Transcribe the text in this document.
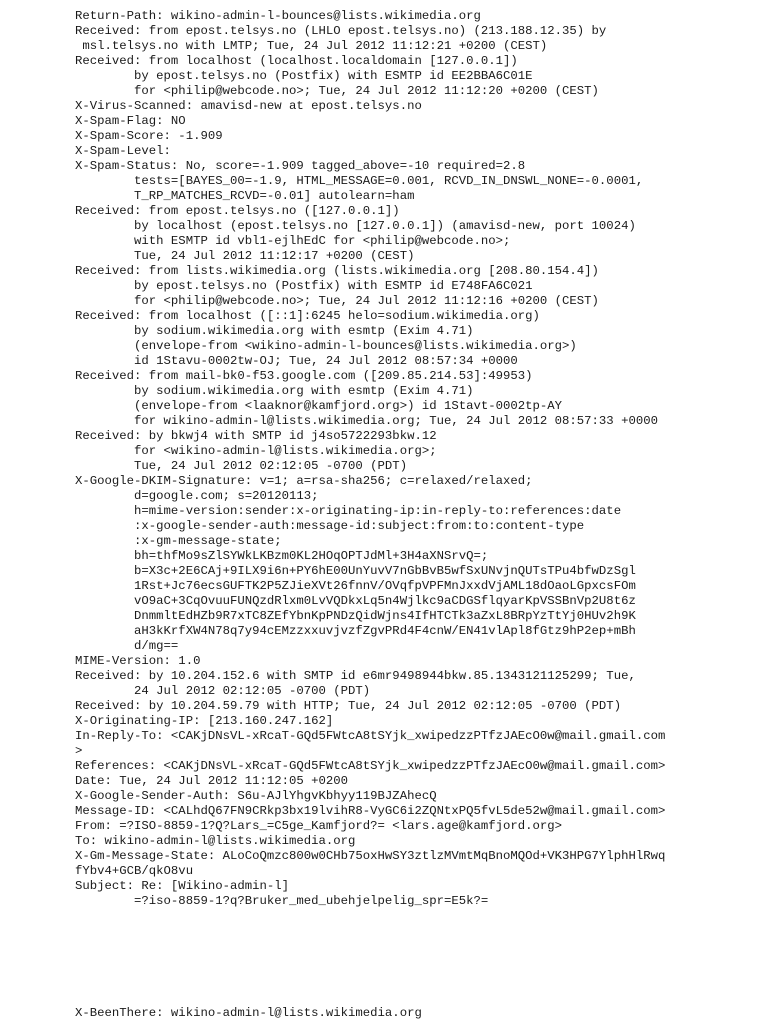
Return-Path: wikino-admin-l-bounces@lists.wikimedia.org
Received: from epost.telsys.no (LHLO epost.telsys.no) (213.188.12.35) by
msl.telsys.no with LMTP; Tue, 24 Jul 2012 11:12:21 +0200 (CEST)
Received: from localhost (localhost.localdomain [127.0.0.1])
by epost.telsys.no (Postfix) with ESMTP id EE2BBA6C01E
for <philip@webcode.no>; Tue, 24 Jul 2012 11:12:20 +0200 (CEST)
X-Virus-Scanned: amavisd-new at epost.telsys.no
X-Spam-Flag: NO
X-Spam-Score: -1.909
X-Spam-Level:
X-Spam-Status: No, score=-1.909 tagged_above=-10 required=2.8
tests=[BAYES_00=-1.9, HTML_MESSAGE=0.001, RCVD_IN_DNSWL_NONE=-0.0001,
T_RP_MATCHES_RCVD=-0.01] autolearn=ham
Received: from epost.telsys.no ([127.0.0.1])
by localhost (epost.telsys.no [127.0.0.1]) (amavisd-new, port 10024)
with ESMTP id vbl1-ejlhEdC for <philip@webcode.no>;
Tue, 24 Jul 2012 11:12:17 +0200 (CEST)
Received: from lists.wikimedia.org (lists.wikimedia.org [208.80.154.4])
by epost.telsys.no (Postfix) with ESMTP id E748FA6C021
for <philip@webcode.no>; Tue, 24 Jul 2012 11:12:16 +0200 (CEST)
Received: from localhost ([::1]:6245 helo=sodium.wikimedia.org)
by sodium.wikimedia.org with esmtp (Exim 4.71)
(envelope-from <wikino-admin-l-bounces@lists.wikimedia.org>)
id 1Stavu-0002tw-OJ; Tue, 24 Jul 2012 08:57:34 +0000
Received: from mail-bk0-f53.google.com ([209.85.214.53]:49953)
by sodium.wikimedia.org with esmtp (Exim 4.71)
(envelope-from <laaknor@kamfjord.org>) id 1Stavt-0002tp-AY
for wikino-admin-l@lists.wikimedia.org; Tue, 24 Jul 2012 08:57:33 +0000
Received: by bkwj4 with SMTP id j4so5722293bkw.12
for <wikino-admin-l@lists.wikimedia.org>;
Tue, 24 Jul 2012 02:12:05 -0700 (PDT)
X-Google-DKIM-Signature: v=1; a=rsa-sha256; c=relaxed/relaxed;
d=google.com; s=20120113;
h=mime-version:sender:x-originating-ip:in-reply-to:references:date
:x-google-sender-auth:message-id:subject:from:to:content-type
:x-gm-message-state;
bh=thfMo9sZlSYWkLKBzm0KL2HOqOPTJdMl+3H4aXNSrvQ=;
b=X3c+2E6CAj+9ILX9i6n+PY6hE00UnYuvV7nGbBvB5wfSxUNvjnQUTsTPu4bfwDzSgl
1Rst+Jc76ecsGUFTK2P5ZJieXVt26fnnV/OVqfpVPFMnJxxdVjAML18dOaoLGpxcsFOm
vO9aC+3CqOvuuFUNQzdRlxm0LvVQDkxLq5n4Wjlkc9aCDGSflqyarKpVSSBnVp2U8t6z
DnmmltEdHZb9R7xTC8ZEfYbnKpPNDzQidWjns4IfHTCTk3aZxL8BRpYzTtYj0HUv2h9K
aH3kKrfXW4N78q7y94cEMzzxxuvjvzfZgvPRd4F4cnW/EN41vlApl8fGtz9hP2ep+mBh
d/mg==
MIME-Version: 1.0
Received: by 10.204.152.6 with SMTP id e6mr9498944bkw.85.1343121125299; Tue,
24 Jul 2012 02:12:05 -0700 (PDT)
Received: by 10.204.59.79 with HTTP; Tue, 24 Jul 2012 02:12:05 -0700 (PDT)
X-Originating-IP: [213.160.247.162]
In-Reply-To: <CAKjDNsVL-xRcaT-GQd5FWtcA8tSYjk_xwipedzzPTfzJAEcO0w@mail.gmail.com
>
References: <CAKjDNsVL-xRcaT-GQd5FWtcA8tSYjk_xwipedzzPTfzJAEcO0w@mail.gmail.com>
Date: Tue, 24 Jul 2012 11:12:05 +0200
X-Google-Sender-Auth: S6u-AJlYhgvKbhyy119BJZAhecQ
Message-ID: <CALhdQ67FN9CRkp3bx19lvihR8-VyGC6i2ZQNtxPQ5fvL5de52w@mail.gmail.com>
From: =?ISO-8859-1?Q?Lars_=C5ge_Kamfjord?= <lars.age@kamfjord.org>
To: wikino-admin-l@lists.wikimedia.org
X-Gm-Message-State: ALoCoQmzc800w0CHb75oxHwSY3ztlzMVmtMqBnoMQOd+VK3HPG7YlphHlRwq
fYbv4+GCB/qkO8vu
Subject: Re: [Wikino-admin-l]
=?iso-8859-1?q?Bruker_med_ubehjelpelig_spr=E5k?=
X-BeenThere: wikino-admin-l@lists.wikimedia.org
